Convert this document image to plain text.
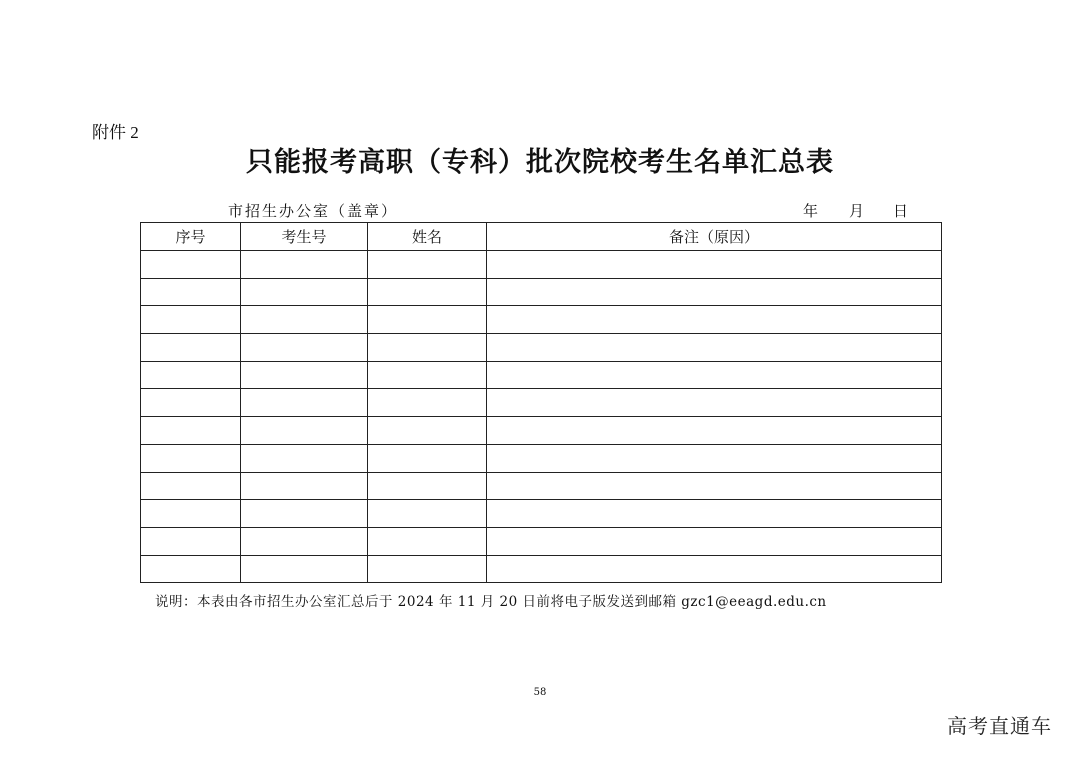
附件 2
只能报考高职（专科）批次院校考生名单汇总表
市招生办公室（盖章）	年	月	日
序号	考生号	姓名	备注（原因）

说明：本表由各市招生办公室汇总后于 2024 年 11 月 20 日前将电子版发送到邮箱 gzc1@eeagd.edu.cn
58
高考直通车
